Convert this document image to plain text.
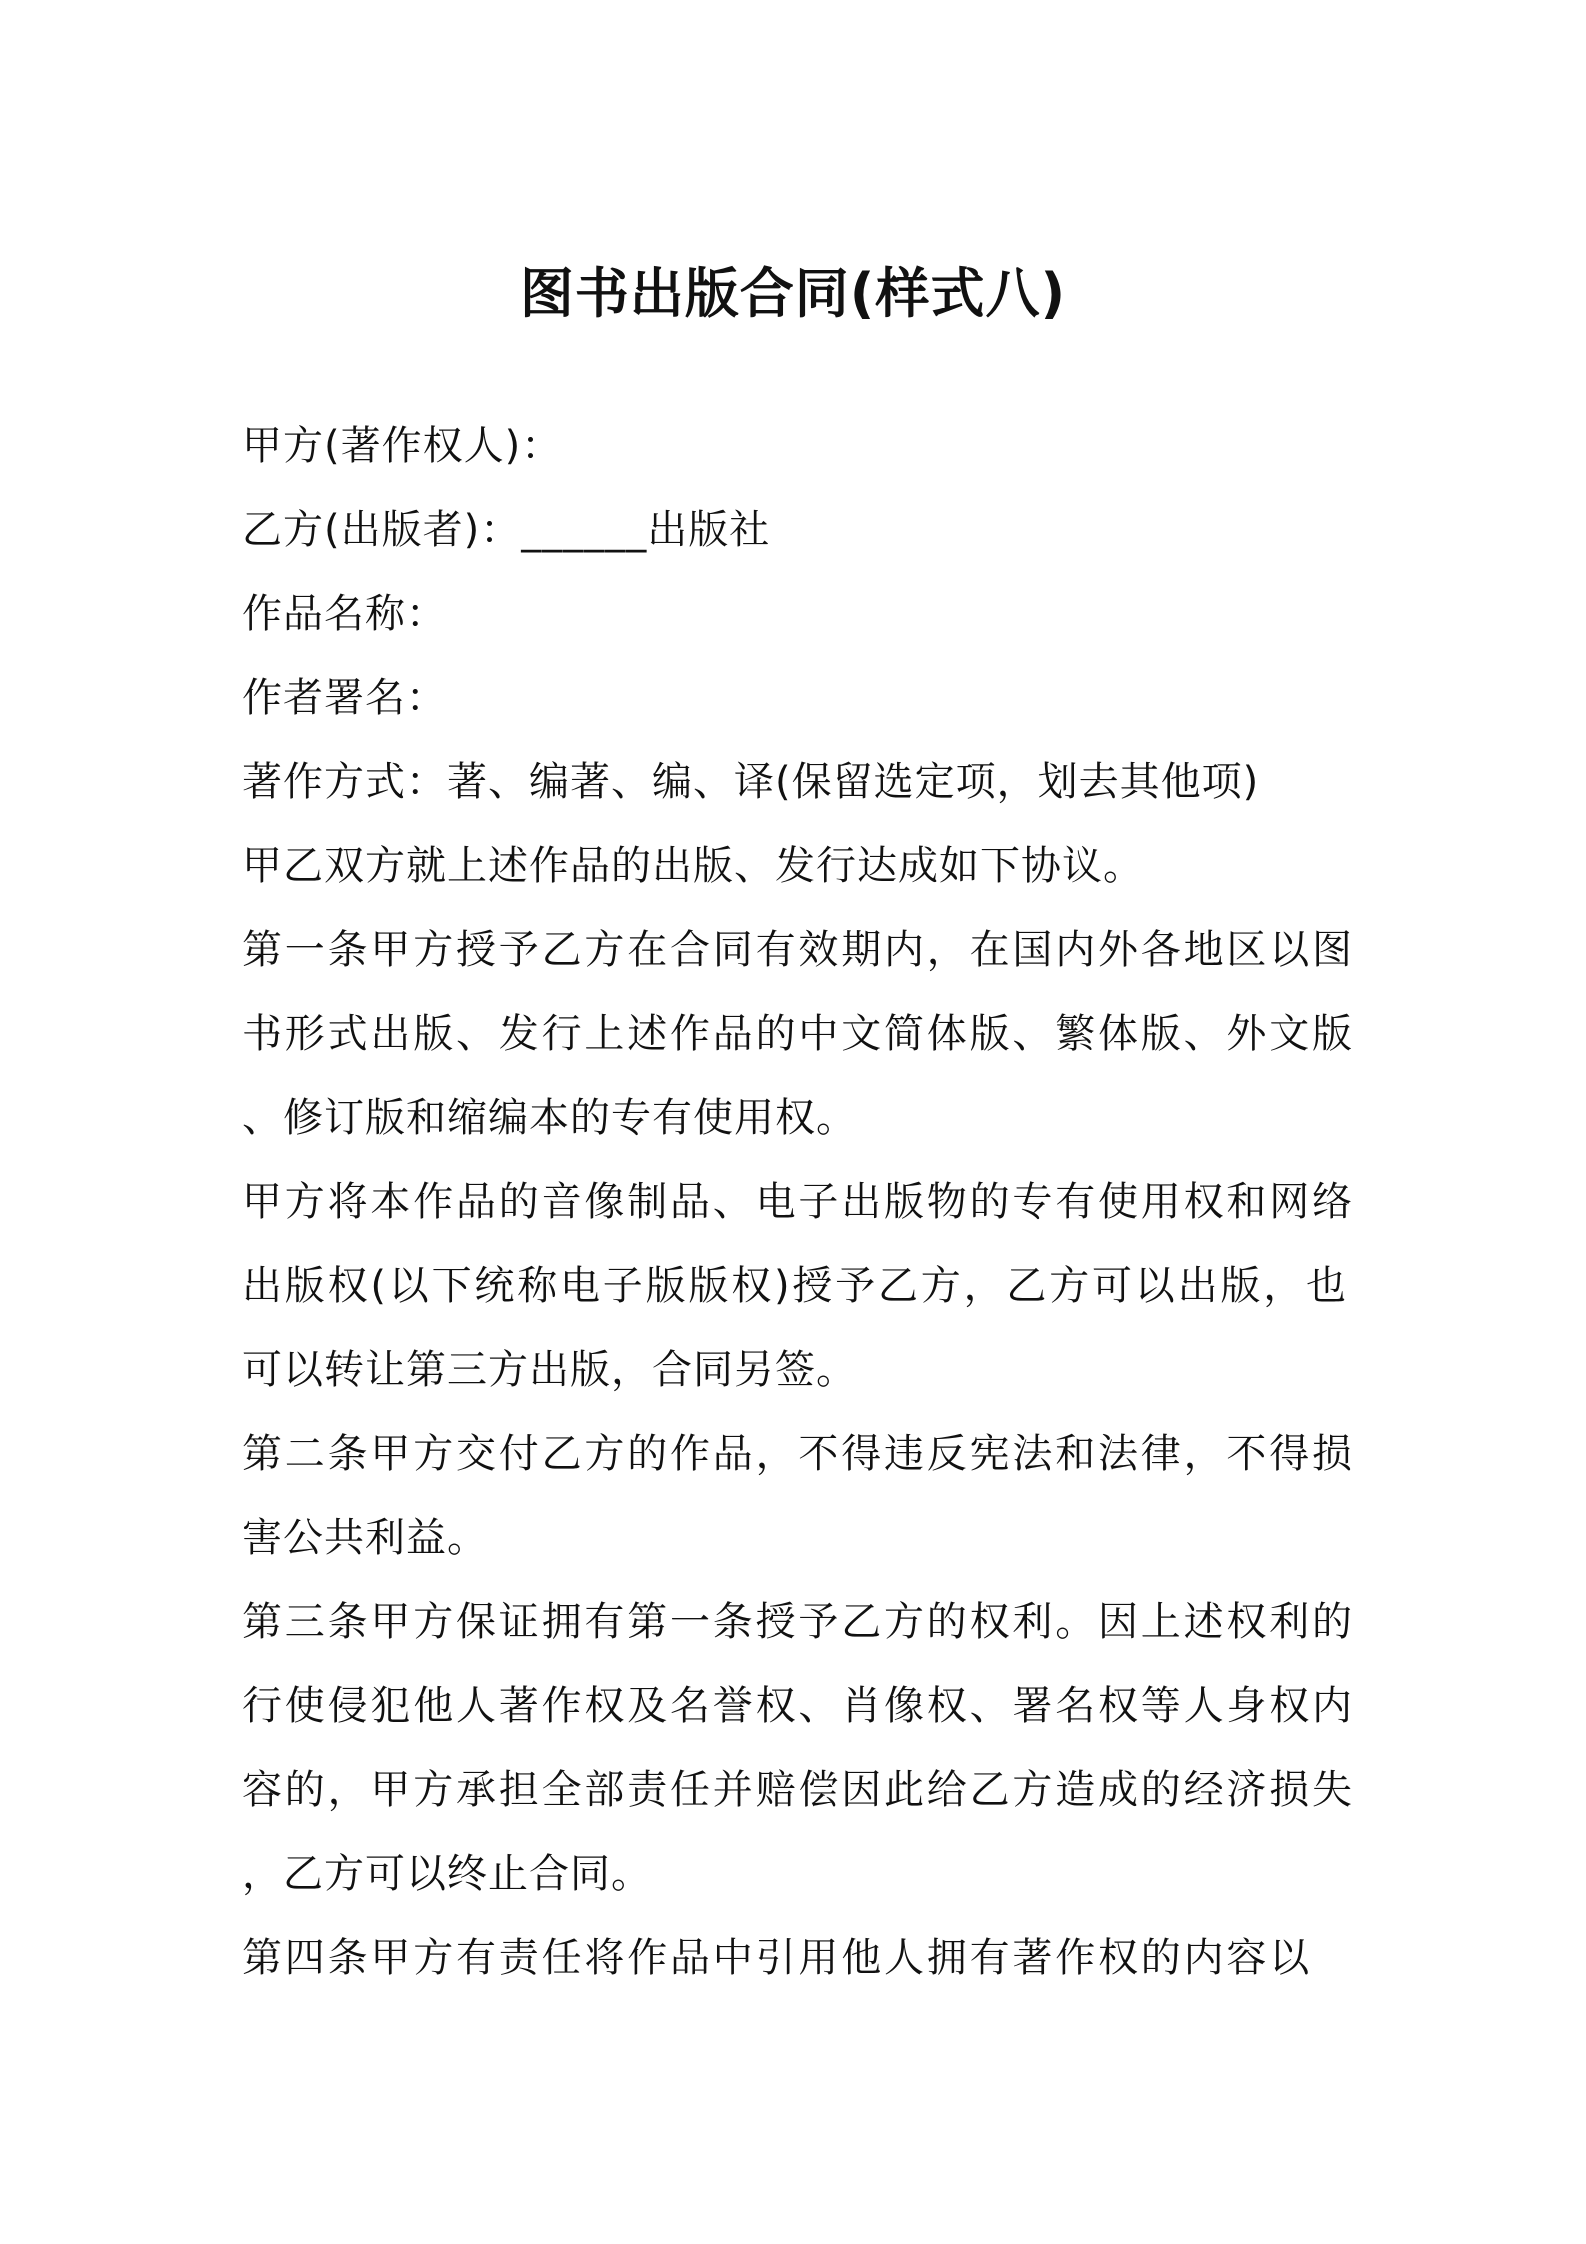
图书出版合同(样式八)
甲方(著作权人)：
乙方(出版者)：______出版社
作品名称：
作者署名：
著作方式：著、编著、编、译(保留选定项，划去其他项)
甲乙双方就上述作品的出版、发行达成如下协议。
第一条甲方授予乙方在合同有效期内，在国内外各地区以图
书形式出版、发行上述作品的中文简体版、繁体版、外文版
、修订版和缩编本的专有使用权。
甲方将本作品的音像制品、电子出版物的专有使用权和网络
出版权(以下统称电子版版权)授予乙方，乙方可以出版，也
可以转让第三方出版，合同另签。
第二条甲方交付乙方的作品，不得违反宪法和法律，不得损
害公共利益。
第三条甲方保证拥有第一条授予乙方的权利。因上述权利的
行使侵犯他人著作权及名誉权、肖像权、署名权等人身权内
容的，甲方承担全部责任并赔偿因此给乙方造成的经济损失
，乙方可以终止合同。
第四条甲方有责任将作品中引用他人拥有著作权的内容以
